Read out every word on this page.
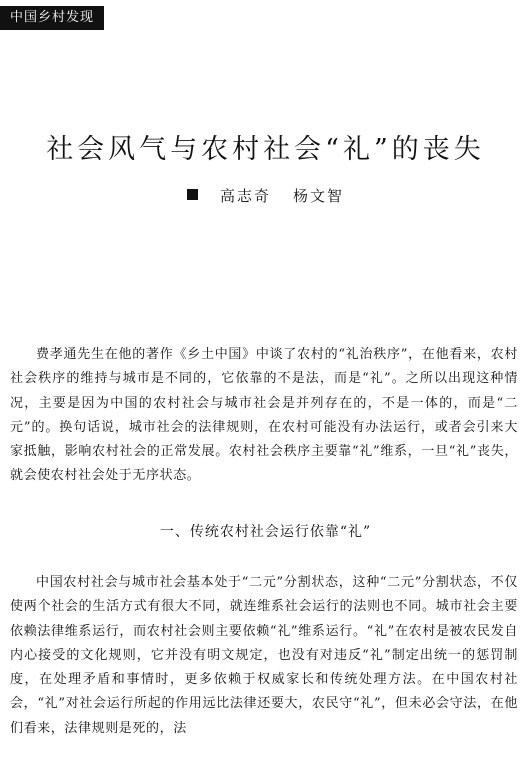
中国乡村发现
社会风气与农村社会“礼”的丧失
高志奇 杨文智

费孝通先生在他的著作《乡土中国》中谈了农村的“礼治秩序”，在他看来，农村社会秩序的维持与城市是不同的，它依靠的不是法，而是“礼”。之所以出现这种情况，主要是因为中国的农村社会与城市社会是并列存在的，不是一体的，而是“二元”的。换句话说，城市社会的法律规则，在农村可能没有办法运行，或者会引来大家抵触，影响农村社会的正常发展。农村社会秩序主要靠“礼”维系，一旦“礼”丧失，就会使农村社会处于无序状态。

一、传统农村社会运行依靠“礼”

中国农村社会与城市社会基本处于“二元”分割状态，这种“二元”分割状态，不仅使两个社会的生活方式有很大不同，就连维系社会运行的法则也不同。城市社会主要依赖法律维系运行，而农村社会则主要依赖“礼”维系运行。“礼”在农村是被农民发自内心接受的文化规则，它并没有明文规定，也没有对违反“礼”制定出统一的惩罚制度，在处理矛盾和事情时，更多依赖于权威家长和传统处理方法。在中国农村社会，“礼”对社会运行所起的作用远比法律还要大，农民守“礼”，但未必会守法，在他们看来，法律规则是死的，法
